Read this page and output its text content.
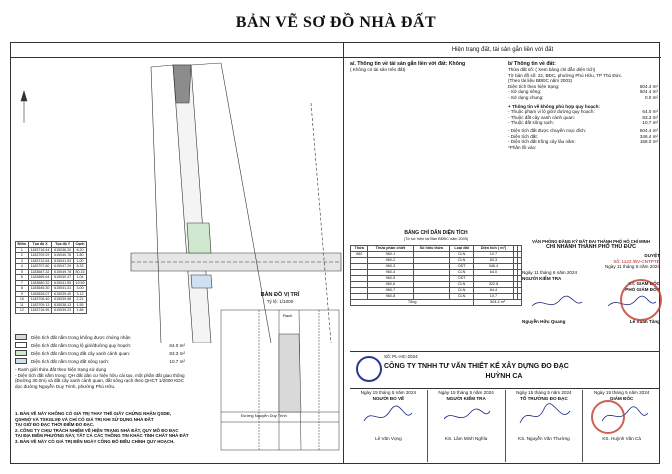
BẢN VẼ SƠ ĐỒ NHÀ ĐẤT
Điểm	Tọa độ X	Tọa độ Y	Cạnh
1	1183718.44	615036.20	8.20
2	1183709.29	615040.76	1.80
3	1183712.54	615041.53	1.00
4	1183707.80	615047.29	8.33
5	1183687.32	615049.78	80.15
6	1183665.64	615040.47	1.04
7	1183660.32	615041.55	19.59
8	1183645.30	615041.31	3.00
9	1183628.07	615039.40	3.12
10	1183706.40	615039.58	2.21
11	1183709.13	615038.13	1.55
12	1183718.95	615039.23	1.86
Diện tích đất nằm trong không được chứng nhận
Diện tích đất nằm trong lộ giới/đường quy hoạch:	64.0 m²
Diện tích đất nằm trong đất cây xanh cảnh quan:	83.3 m²
Diện tích đất nằm trong đất sông rạch:	10.7 m²
- Ranh giới thửa đất theo hiện trạng sử dụng
- Diện tích đất nằm trong: QH đất dân cư hiện hữu cải tạo, một phần đất giao thông
(Đường 30.0m) và đất cây xanh cảnh quan, đất sông rạch theo QHCT 1/2000 KDC dọc đường Nguyễn Duy Trinh, phường Phú Hữu.
1. BẢN VẼ NÀY KHÔNG CÓ GIÁ TRỊ THAY THẾ GIẤY CHỨNG NHẬN QSDĐ,
QSHNỞ VÀ TSKGLVĐ VÀ CHỈ CÓ GIÁ TRỊ KHI SỬ DỤNG NHÀ ĐẤT
TẠI GIỜ ĐO ĐẠC THỜI ĐIỂM ĐO ĐẠC.
2. CÔNG TY CHỊU TRÁCH NHIỆM VỀ HIỆN TRẠNG NHÀ ĐẤT, QUY MÔ ĐO ĐẠC
TẠI ĐỊA ĐIỂM PHƯỜNG NÀY, TẤT CẢ CÁC THÔNG TIN KHÁC TÍNH CHẤT NHÀ ĐẤT
3. BẢN VẼ NÀY CÓ GIÁ TRỊ ĐẾN NGÀY CÔNG BỐ ĐIỀU CHỈNH QUY HOẠCH.
BẢN ĐỒ VỊ TRÍ
Tỷ lệ: 1/1000
Đường Nguyễn Duy Trinh
Rạch
Hiện trạng đất, tài sản gắn liền với đất
a/. Thông tin về tài sản gắn liền với đất: Không
( Không có tài sản trên đất)
b/ Thông tin về đất:
Thửa đất số: ( Xem bảng chỉ dẫn diện tích)
Tờ bản đồ số: 22, BĐC, phường Phú Hữu, TP Thủ Đức.
(Theo tài liệu BĐĐC năm 2003)
Diện tích theo hiện trạng:	504.4 m²
- Sở dụng riêng:	504.4 m²
- Sở dụng chung:	0.0 m²
+ Thông tin về không phù hợp quy hoạch:
- Thuộc phạm vi lộ giới/ đường quy hoạch:	64.0 m²
- Thuộc đất cây xanh cảnh quan:	83.3 m²
- Thuộc đất sông rạch:	10.7 m²
- Diện tích đất được chuyển mục đích:	504.4 m²
- Diện tích đất:	346.4 m²
- Diện tích đất trồng cây lâu năm:	158.0 m²
*Phần lối vào:
BẢNG CHỈ DẪN DIỆN TÍCH
(Tờ số: hiện tại Bản BĐĐC năm 2003)
Thửa	Thửa phân chiết	Số hiệu thửa	Loại đất	Diện tích ( m²)		
960	960-1		CLN	10.7		
	960-2		CLN	83.3		
	960-3		ODT	346.4		
	960-4		CLN	64.0		
	960-5		ODT			
	960-6		CLN	322.8		
	960-7		CLN	84.4		
	960-8		CLN	10.7		
Tổng				504.4 m²		
VĂN PHÒNG ĐĂNG KÝ ĐẤT ĐAI THÀNH PHỐ HỒ CHÍ MINH
CHI NHÁNH THÀNH PHỐ THỦ ĐỨC
DUYỆT
Số: 1122 /BV-CNTPTĐ
Ngày 11 tháng 6 năm 2024
Ngày 11 tháng 6 năm 2024
NGƯỜI KIỂM TRA
KT. GIÁM ĐỐC
PHÓ GIÁM ĐỐC
Nguyễn Hữu Quang	Lê Xuân Tăng
Số: PL-HC-2024
CÔNG TY TNHH TƯ VẤN THIẾT KẾ XÂY DỰNG ĐO ĐẠC
HUỲNH CA
Ngày 15 tháng 5 năm 2024
NGƯỜI ĐO VẼ
Lê Văn Vọng
Ngày 15 tháng 5 năm 2024
NGƯỜI KIỂM TRA
KS. Lâm Minh Nghĩa
Ngày 15 tháng 5 năm 2024
TỔ TRƯỞNG ĐO ĐẠC
KS. Nguyễn Văn Thường
Ngày 15 tháng 5 năm 2024
GIÁM ĐỐC
KS. Huỳnh Văn Cả
